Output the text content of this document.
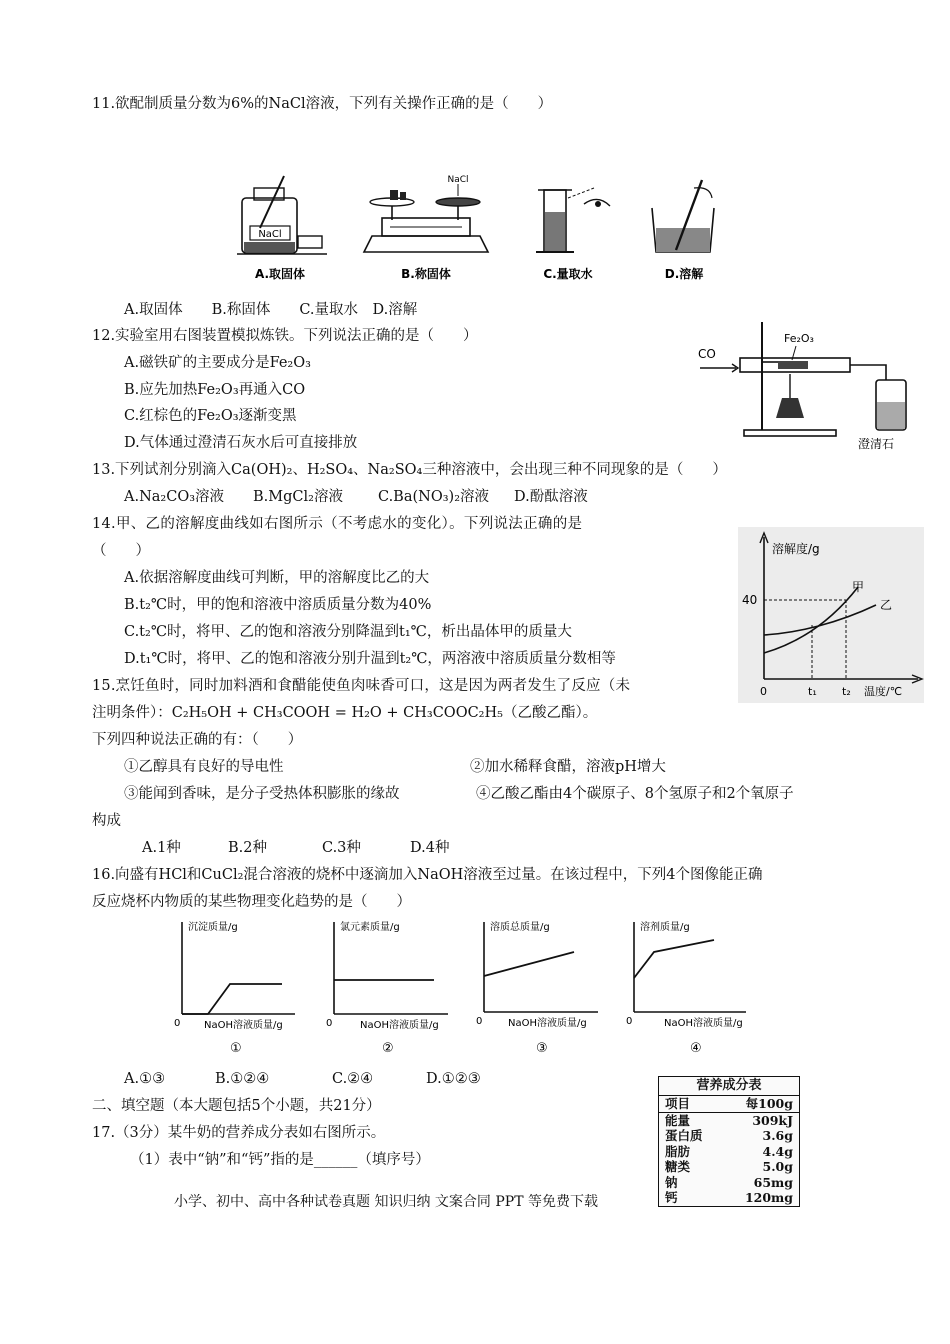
11.欲配制质量分数为6%的NaCl溶液，下列有关操作正确的是（　　）
NaCl
NaCl
A.取固体	B.称固体	C.量取水	D.溶解
A.取固体　　B.称固体　　C.量取水　D.溶解
12.实验室用右图装置模拟炼铁。下列说法正确的是（　　）
A.磁铁矿的主要成分是Fe₂O₃
B.应先加热Fe₂O₃再通入CO
C.红棕色的Fe₂O₃逐渐变黑
D.气体通过澄清石灰水后可直接排放
CO
Fe₂O₃
澄清石
13.下列试剂分别滴入Ca(OH)₂、H₂SO₄、Na₂SO₄三种溶液中，会出现三种不同现象的是（　　）
A.Na₂CO₃溶液 B.MgCl₂溶液 C.Ba(NO₃)₂溶液 D.酚酞溶液
14.甲、乙的溶解度曲线如右图所示（不考虑水的变化）。下列说法正确的是
（　　）
A.依据溶解度曲线可判断，甲的溶解度比乙的大
B.t₂℃时，甲的饱和溶液中溶质质量分数为40%
C.t₂℃时，将甲、乙的饱和溶液分别降温到t₁℃，析出晶体甲的质量大
D.t₁℃时，将甲、乙的饱和溶液分别升温到t₂℃，两溶液中溶质质量分数相等
溶解度/g
40
甲
乙
0	t₁ t₂ 温度/℃
15.烹饪鱼时，同时加料酒和食醋能使鱼肉味香可口，这是因为两者发生了反应（未
注明条件）：C₂H₅OH + CH₃COOH = H₂O + CH₃COOC₂H₅（乙酸乙酯）。
下列四种说法正确的有：（　　）
①乙醇具有良好的导电性	②加水稀释食醋，溶液pH增大
③能闻到香味，是分子受热体积膨胀的缘故	④乙酸乙酯由4个碳原子、8个氢原子和2个氧原子
构成
A.1种	B.2种	C.3种	D.4种
16.向盛有HCl和CuCl₂混合溶液的烧杯中逐滴加入NaOH溶液至过量。在该过程中，下列4个图像能正确
反应烧杯内物质的某些物理变化趋势的是（　　）
沉淀质量/g
0 NaOH溶液质量/g
①
氯元素质量/g
0	NaOH溶液质量/g
②
溶质总质量/g
0	NaOH溶液质量/g
③
溶剂质量/g
0	NaOH溶液质量/g
④
A.①③	B.①②④	C.②④	D.①②③
二、填空题（本大题包括5个小题，共21分）
17.（3分）某牛奶的营养成分表如右图所示。
（1）表中“钠”和“钙”指的是______（填序号）
营养成分表
项目	每100g
能量	309kJ
蛋白质	3.6g
脂肪	4.4g
糖类	5.0g
钠	65mg
钙	120mg
小学、初中、高中各种试卷真题 知识归纳 文案合同 PPT 等免费下载
